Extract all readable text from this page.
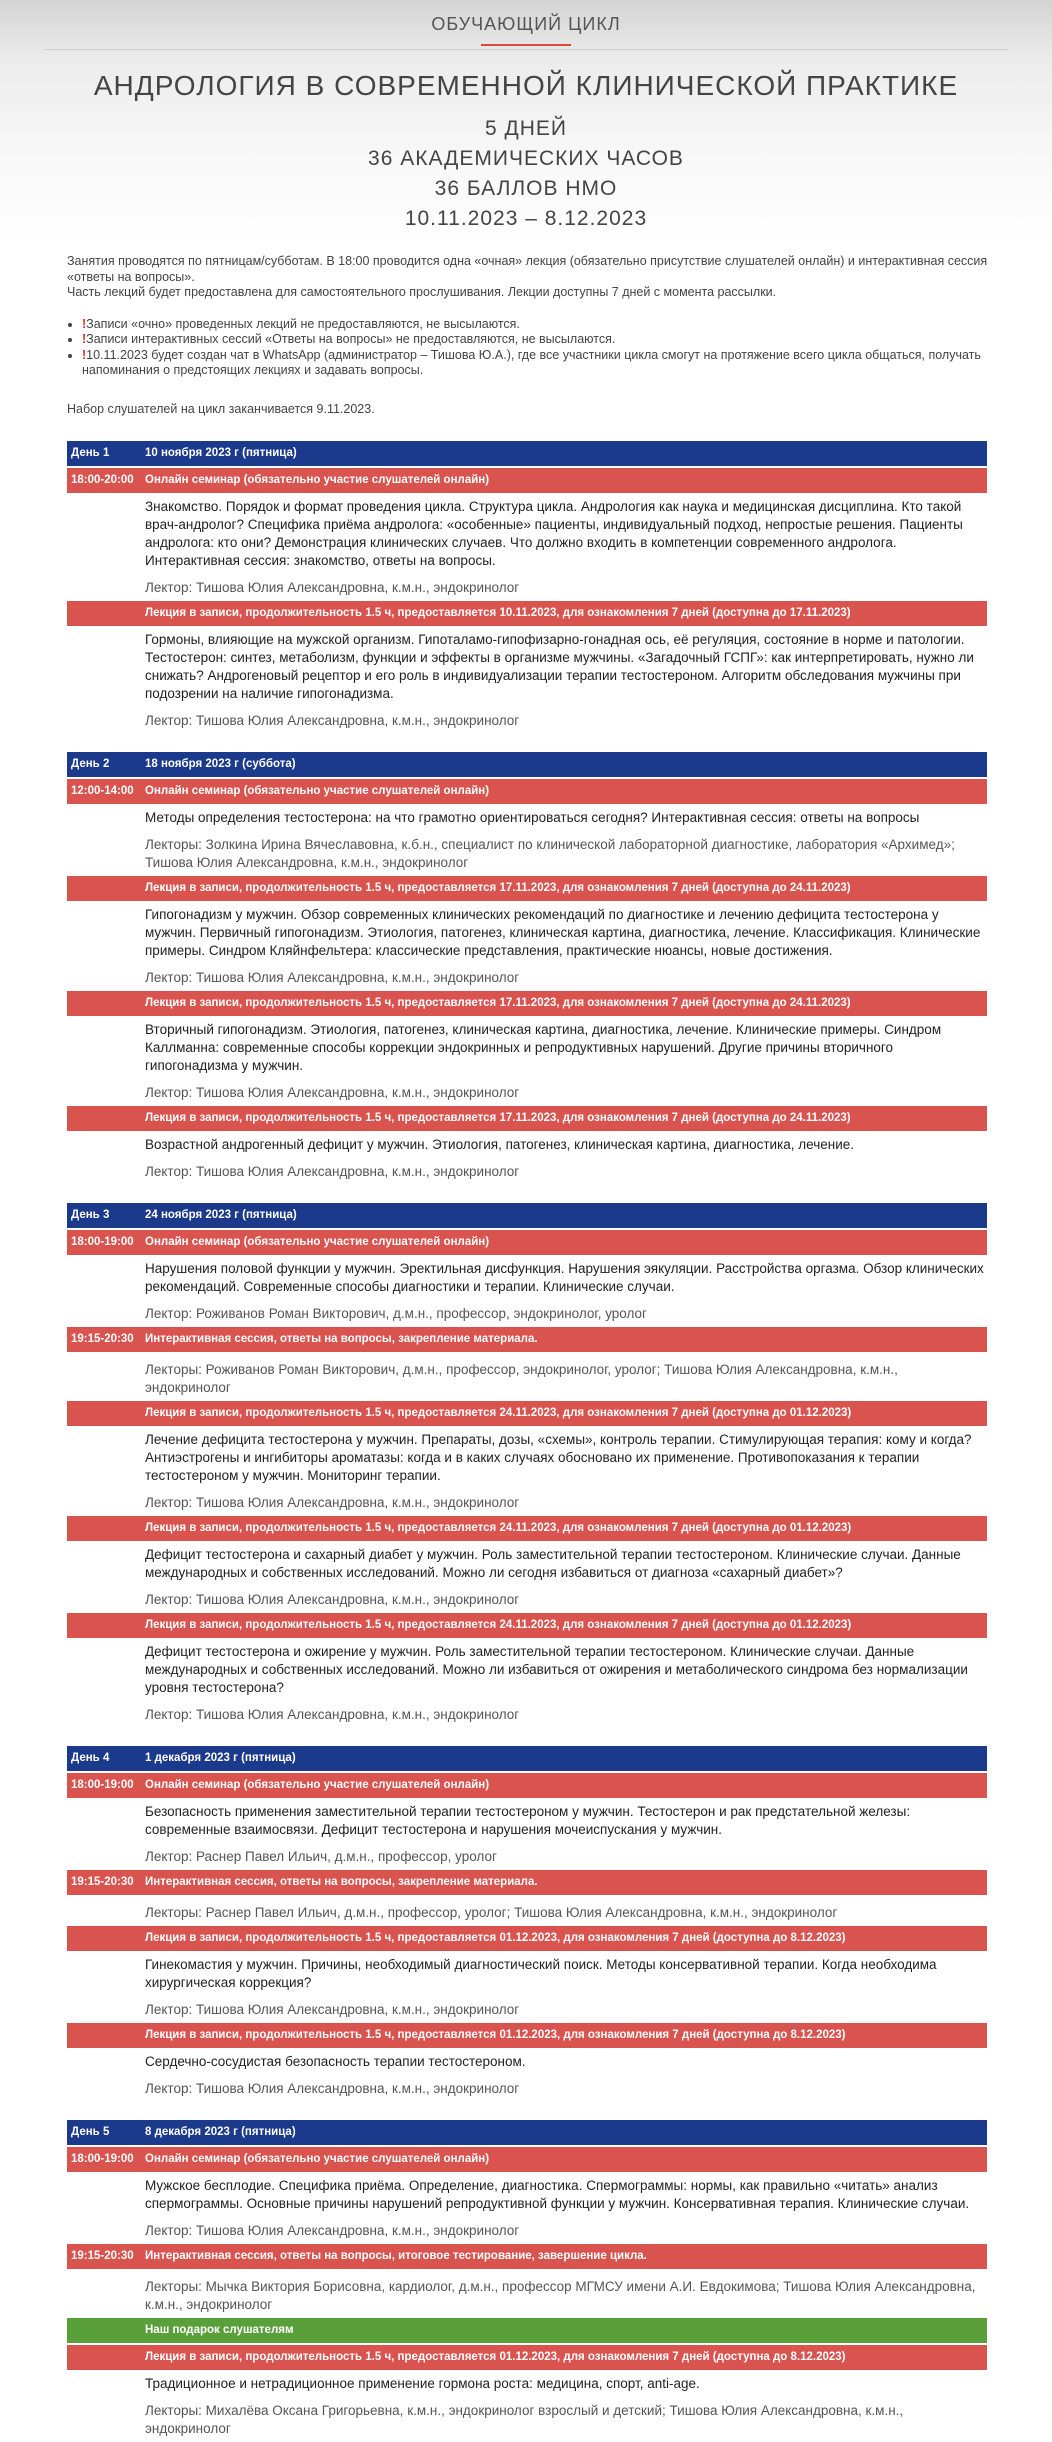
ОБУЧАЮЩИЙ ЦИКЛ
АНДРОЛОГИЯ В СОВРЕМЕННОЙ КЛИНИЧЕСКОЙ ПРАКТИКЕ
5 ДНЕЙ
36 АКАДЕМИЧЕСКИХ ЧАСОВ
36 БАЛЛОВ НМО
10.11.2023 – 8.12.2023

Занятия проводятся по пятницам/субботам. В 18:00 проводится одна «очная» лекция (обязательно присутствие слушателей онлайн) и интерактивная сессия «ответы на вопросы».

Часть лекций будет предоставлена для самостоятельного прослушивания. Лекции доступны 7 дней с момента рассылки.

• !Записи «очно» проведенных лекций не предоставляются, не высылаются.
• !Записи интерактивных сессий «Ответы на вопросы» не предоставляются, не высылаются.
• !10.11.2023 будет создан чат в WhatsApp (администратор – Тишова Ю.А.), где все участники цикла смогут на протяжение всего цикла общаться, получать напоминания о предстоящих лекциях и задавать вопросы.

Набор слушателей на цикл заканчивается 9.11.2023.

День 1	10 ноября 2023 г (пятница)
18:00-20:00 Онлайн семинар (обязательно участие слушателей онлайн)
Знакомство. Порядок и формат проведения цикла. Структура цикла. Андрология как наука и медицинская дисциплина. Кто такой врач-андролог? Специфика приёма андролога: «особенные» пациенты, индивидуальный подход, непростые решения. Пациенты андролога: кто они? Демонстрация клинических случаев. Что должно входить в компетенции современного андролога. Интерактивная сессия: знакомство, ответы на вопросы.
Лектор: Тишова Юлия Александровна, к.м.н., эндокринолог
Лекция в записи, продолжительность 1.5 ч, предоставляется 10.11.2023, для ознакомления 7 дней (доступна до 17.11.2023)
Гормоны, влияющие на мужской организм. Гипоталамо-гипофизарно-гонадная ось, её регуляция, состояние в норме и патологии. Тестостерон: синтез, метаболизм, функции и эффекты в организме мужчины. «Загадочный ГСПГ»: как интерпретировать, нужно ли снижать? Андрогеновый рецептор и его роль в индивидуализации терапии тестостероном. Алгоритм обследования мужчины при подозрении на наличие гипогонадизма.
Лектор: Тишова Юлия Александровна, к.м.н., эндокринолог
День 2	18 ноября 2023 г (суббота)
12:00-14:00 Онлайн семинар (обязательно участие слушателей онлайн)
Методы определения тестостерона: на что грамотно ориентироваться сегодня? Интерактивная сессия: ответы на вопросы
Лекторы: Золкина Ирина Вячеславовна, к.б.н., специалист по клинической лабораторной диагностике, лаборатория «Архимед»; Тишова Юлия Александровна, к.м.н., эндокринолог
Лекция в записи, продолжительность 1.5 ч, предоставляется 17.11.2023, для ознакомления 7 дней (доступна до 24.11.2023)
Гипогонадизм у мужчин. Обзор современных клинических рекомендаций по диагностике и лечению дефицита тестостерона у мужчин. Первичный гипогонадизм. Этиология, патогенез, клиническая картина, диагностика, лечение. Классификация. Клинические примеры. Синдром Кляйнфельтера: классические представления, практические нюансы, новые достижения.
Лектор: Тишова Юлия Александровна, к.м.н., эндокринолог
Лекция в записи, продолжительность 1.5 ч, предоставляется 17.11.2023, для ознакомления 7 дней (доступна до 24.11.2023)
Вторичный гипогонадизм. Этиология, патогенез, клиническая картина, диагностика, лечение. Клинические примеры. Синдром Каллманна: современные способы коррекции эндокринных и репродуктивных нарушений. Другие причины вторичного гипогонадизма у мужчин.
Лектор: Тишова Юлия Александровна, к.м.н., эндокринолог
Лекция в записи, продолжительность 1.5 ч, предоставляется 17.11.2023, для ознакомления 7 дней (доступна до 24.11.2023)
Возрастной андрогенный дефицит у мужчин. Этиология, патогенез, клиническая картина, диагностика, лечение.
Лектор: Тишова Юлия Александровна, к.м.н., эндокринолог
День 3	24 ноября 2023 г (пятница)
18:00-19:00 Онлайн семинар (обязательно участие слушателей онлайн)
Нарушения половой функции у мужчин. Эректильная дисфункция. Нарушения эякуляции. Расстройства оргазма. Обзор клинических рекомендаций. Современные способы диагностики и терапии. Клинические случаи.
Лектор: Роживанов Роман Викторович, д.м.н., профессор, эндокринолог, уролог
19:15-20:30 Интерактивная сессия, ответы на вопросы, закрепление материала.
Лекторы: Роживанов Роман Викторович, д.м.н., профессор, эндокринолог, уролог; Тишова Юлия Александровна, к.м.н., эндокринолог
Лекция в записи, продолжительность 1.5 ч, предоставляется 24.11.2023, для ознакомления 7 дней (доступна до 01.12.2023)
Лечение дефицита тестостерона у мужчин. Препараты, дозы, «схемы», контроль терапии. Стимулирующая терапия: кому и когда? Антиэстрогены и ингибиторы ароматазы: когда и в каких случаях обосновано их применение. Противопоказания к терапии тестостероном у мужчин. Мониторинг терапии.
Лектор: Тишова Юлия Александровна, к.м.н., эндокринолог
Лекция в записи, продолжительность 1.5 ч, предоставляется 24.11.2023, для ознакомления 7 дней (доступна до 01.12.2023)
Дефицит тестостерона и сахарный диабет у мужчин. Роль заместительной терапии тестостероном. Клинические случаи. Данные международных и собственных исследований. Можно ли сегодня избавиться от диагноза «сахарный диабет»?
Лектор: Тишова Юлия Александровна, к.м.н., эндокринолог
Лекция в записи, продолжительность 1.5 ч, предоставляется 24.11.2023, для ознакомления 7 дней (доступна до 01.12.2023)
Дефицит тестостерона и ожирение у мужчин. Роль заместительной терапии тестостероном. Клинические случаи. Данные международных и собственных исследований. Можно ли избавиться от ожирения и метаболического синдрома без нормализации уровня тестостерона?
Лектор: Тишова Юлия Александровна, к.м.н., эндокринолог
День 4	1 декабря 2023 г (пятница)
18:00-19:00 Онлайн семинар (обязательно участие слушателей онлайн)
Безопасность применения заместительной терапии тестостероном у мужчин. Тестостерон и рак предстательной железы: современные взаимосвязи. Дефицит тестостерона и нарушения мочеиспускания у мужчин.
Лектор: Раснер Павел Ильич, д.м.н., профессор, уролог
19:15-20:30 Интерактивная сессия, ответы на вопросы, закрепление материала.
Лекторы: Раснер Павел Ильич, д.м.н., профессор, уролог; Тишова Юлия Александровна, к.м.н., эндокринолог
Лекция в записи, продолжительность 1.5 ч, предоставляется 01.12.2023, для ознакомления 7 дней (доступна до 8.12.2023)
Гинекомастия у мужчин. Причины, необходимый диагностический поиск. Методы консервативной терапии. Когда необходима хирургическая коррекция?
Лектор: Тишова Юлия Александровна, к.м.н., эндокринолог
Лекция в записи, продолжительность 1.5 ч, предоставляется 01.12.2023, для ознакомления 7 дней (доступна до 8.12.2023)
Сердечно-сосудистая безопасность терапии тестостероном.
Лектор: Тишова Юлия Александровна, к.м.н., эндокринолог
День 5	8 декабря 2023 г (пятница)
18:00-19:00 Онлайн семинар (обязательно участие слушателей онлайн)
Мужское бесплодие. Специфика приёма. Определение, диагностика. Спермограммы: нормы, как правильно «читать» анализ спермограммы. Основные причины нарушений репродуктивной функции у мужчин. Консервативная терапия. Клинические случаи.
Лектор: Тишова Юлия Александровна, к.м.н., эндокринолог
19:15-20:30 Интерактивная сессия, ответы на вопросы, итоговое тестирование, завершение цикла.
Лекторы: Мычка Виктория Борисовна, кардиолог, д.м.н., профессор МГМСУ имени А.И. Евдокимова; Тишова Юлия Александровна, к.м.н., эндокринолог
Наш подарок слушателям
Лекция в записи, продолжительность 1.5 ч, предоставляется 01.12.2023, для ознакомления 7 дней (доступна до 8.12.2023)
Традиционное и нетрадиционное применение гормона роста: медицина, спорт, anti-age.
Лекторы: Михалёва Оксана Григорьевна, к.м.н., эндокринолог взрослый и детский; Тишова Юлия Александровна, к.м.н., эндокринолог
